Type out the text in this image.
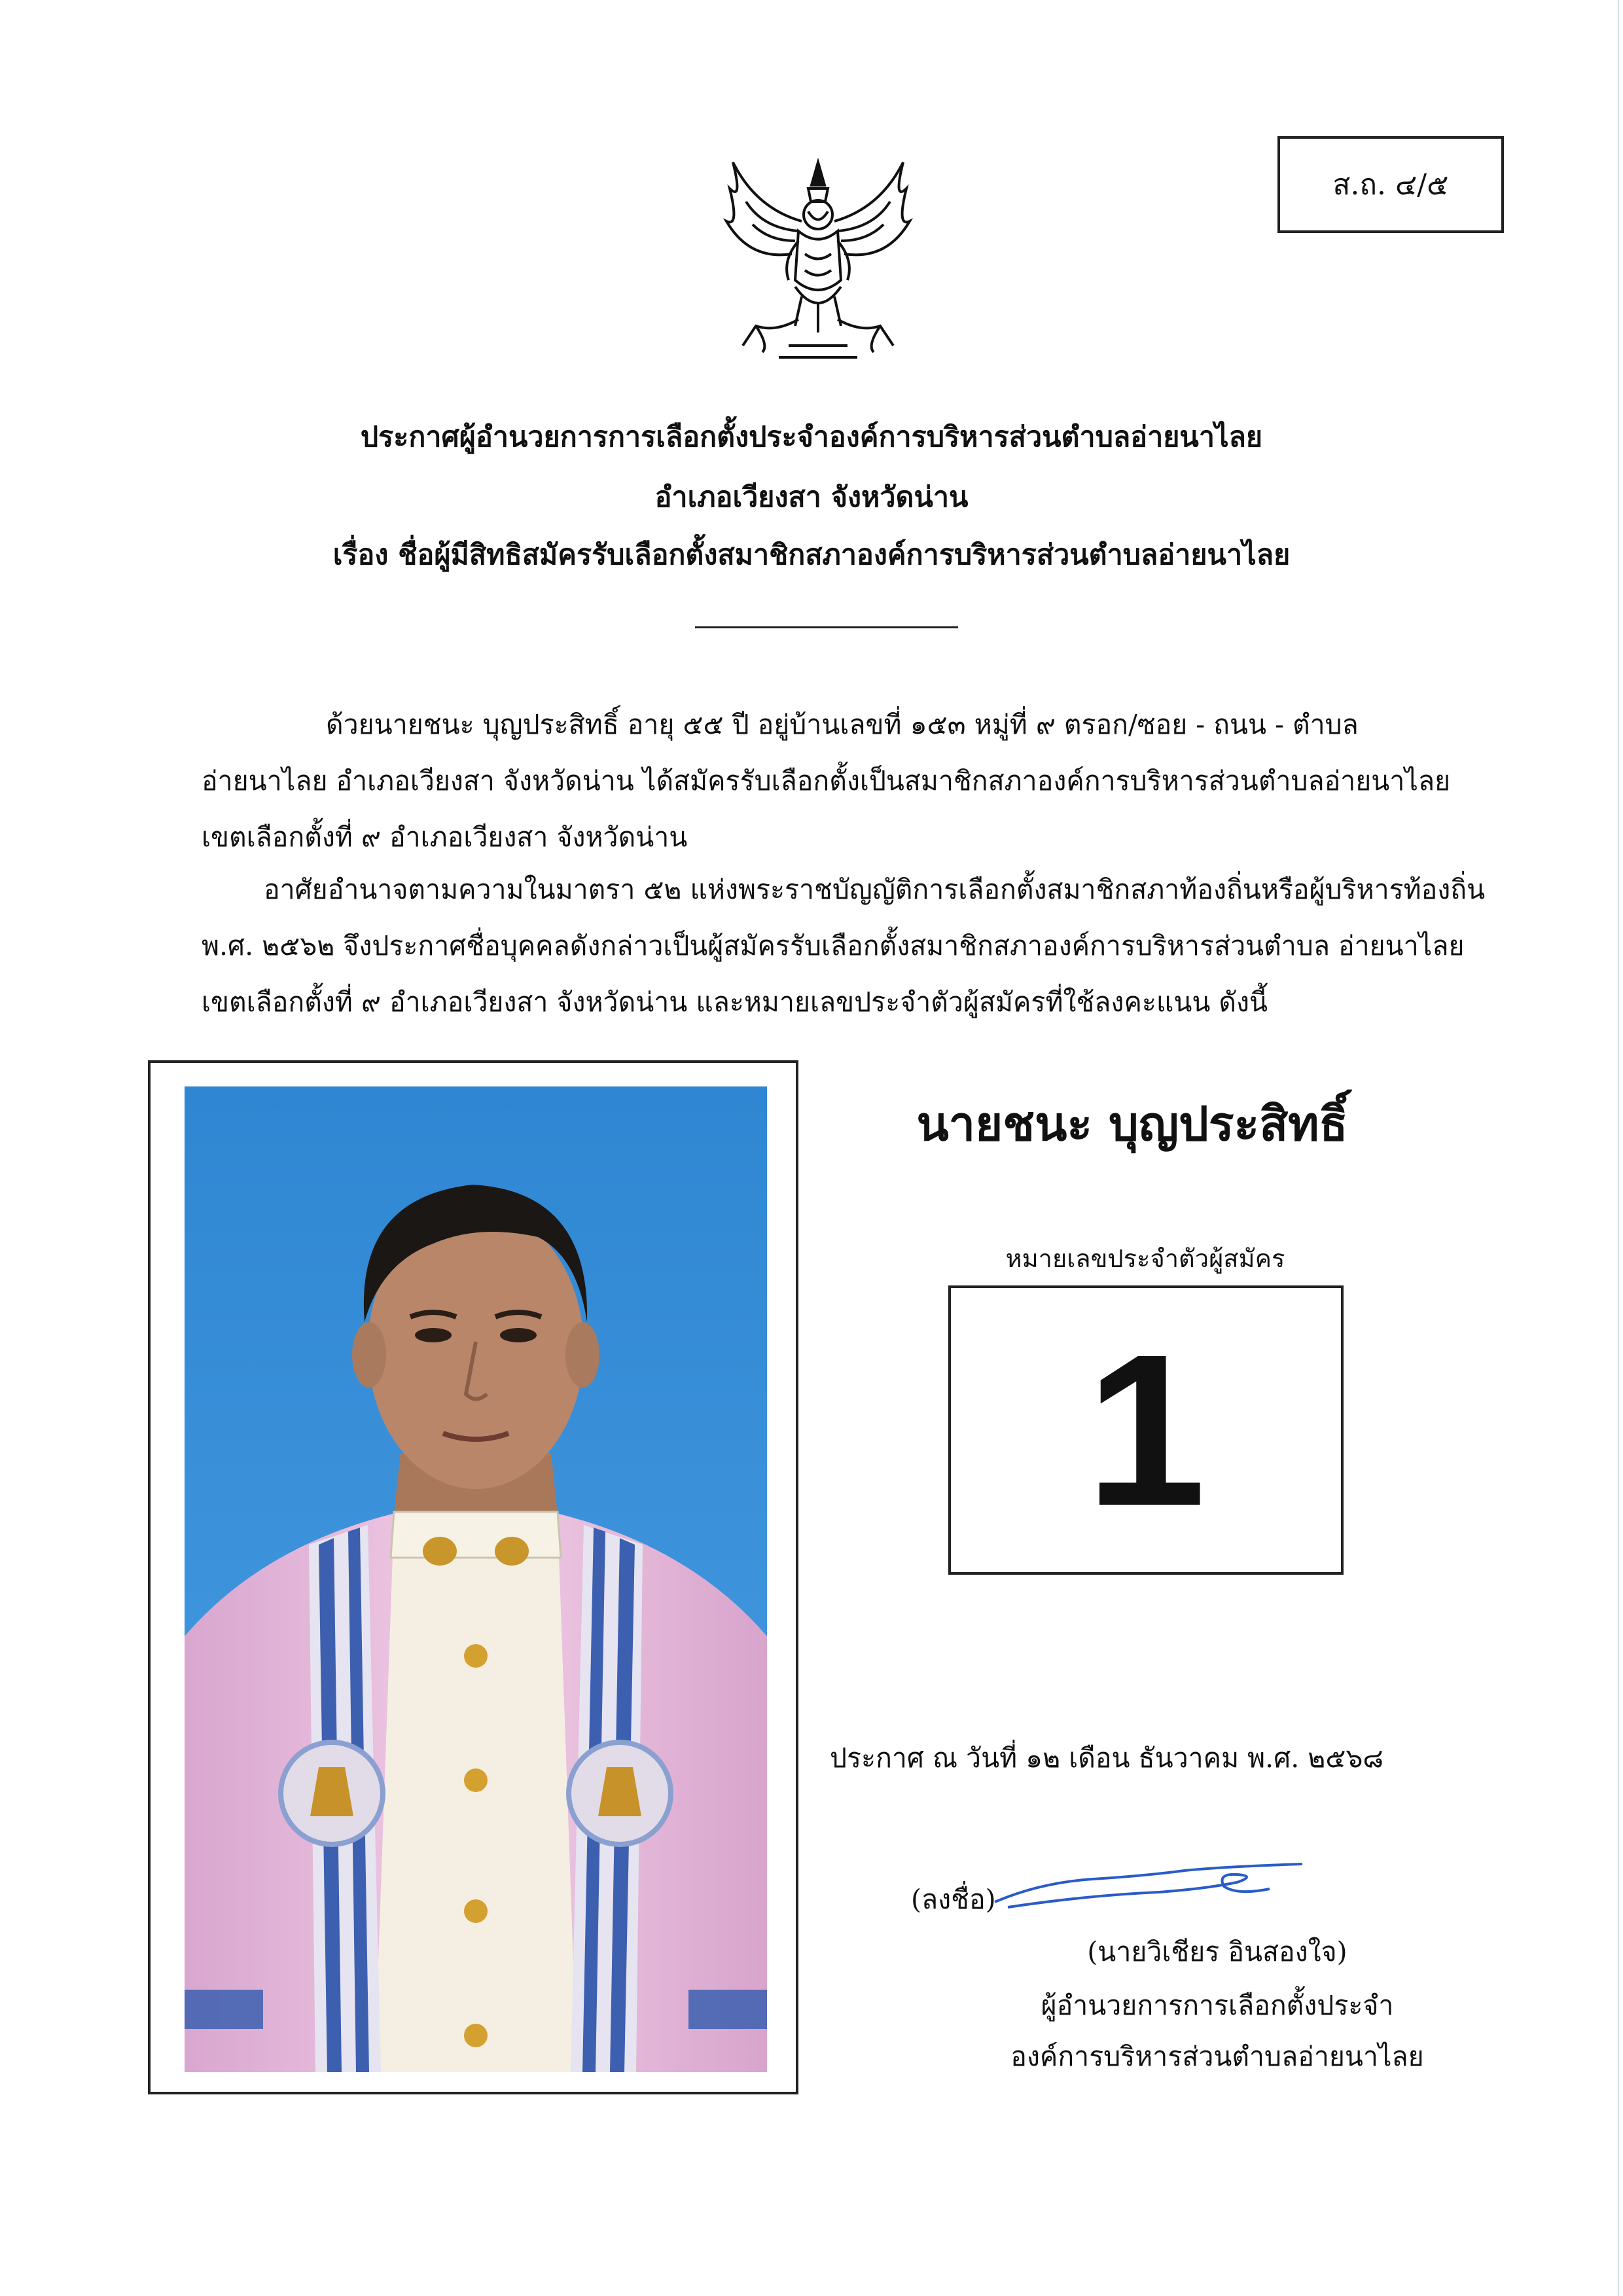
ส.ถ. ๔/๕
ประกาศผู้อำนวยการการเลือกตั้งประจำองค์การบริหารส่วนตำบลอ่ายนาไลย
อำเภอเวียงสา จังหวัดน่าน
เรื่อง ชื่อผู้มีสิทธิสมัครรับเลือกตั้งสมาชิกสภาองค์การบริหารส่วนตำบลอ่ายนาไลย
ด้วยนายชนะ บุญประสิทธิ์ อายุ ๕๕ ปี อยู่บ้านเลขที่ ๑๕๓ หมู่ที่ ๙ ตรอก/ซอย - ถนน - ตำบล
อ่ายนาไลย อำเภอเวียงสา จังหวัดน่าน ได้สมัครรับเลือกตั้งเป็นสมาชิกสภาองค์การบริหารส่วนตำบลอ่ายนาไลย
เขตเลือกตั้งที่ ๙ อำเภอเวียงสา จังหวัดน่าน
อาศัยอำนาจตามความในมาตรา ๕๒ แห่งพระราชบัญญัติการเลือกตั้งสมาชิกสภาท้องถิ่นหรือผู้บริหารท้องถิ่น
พ.ศ. ๒๕๖๒ จึงประกาศชื่อบุคคลดังกล่าวเป็นผู้สมัครรับเลือกตั้งสมาชิกสภาองค์การบริหารส่วนตำบล อ่ายนาไลย
เขตเลือกตั้งที่ ๙ อำเภอเวียงสา จังหวัดน่าน และหมายเลขประจำตัวผู้สมัครที่ใช้ลงคะแนน ดังนี้
นายชนะ บุญประสิทธิ์
หมายเลขประจำตัวผู้สมัคร
1
ประกาศ ณ วันที่ ๑๒ เดือน ธันวาคม พ.ศ. ๒๕๖๘
(ลงชื่อ)
(นายวิเชียร อินสองใจ)
ผู้อำนวยการการเลือกตั้งประจำ
องค์การบริหารส่วนตำบลอ่ายนาไลย
